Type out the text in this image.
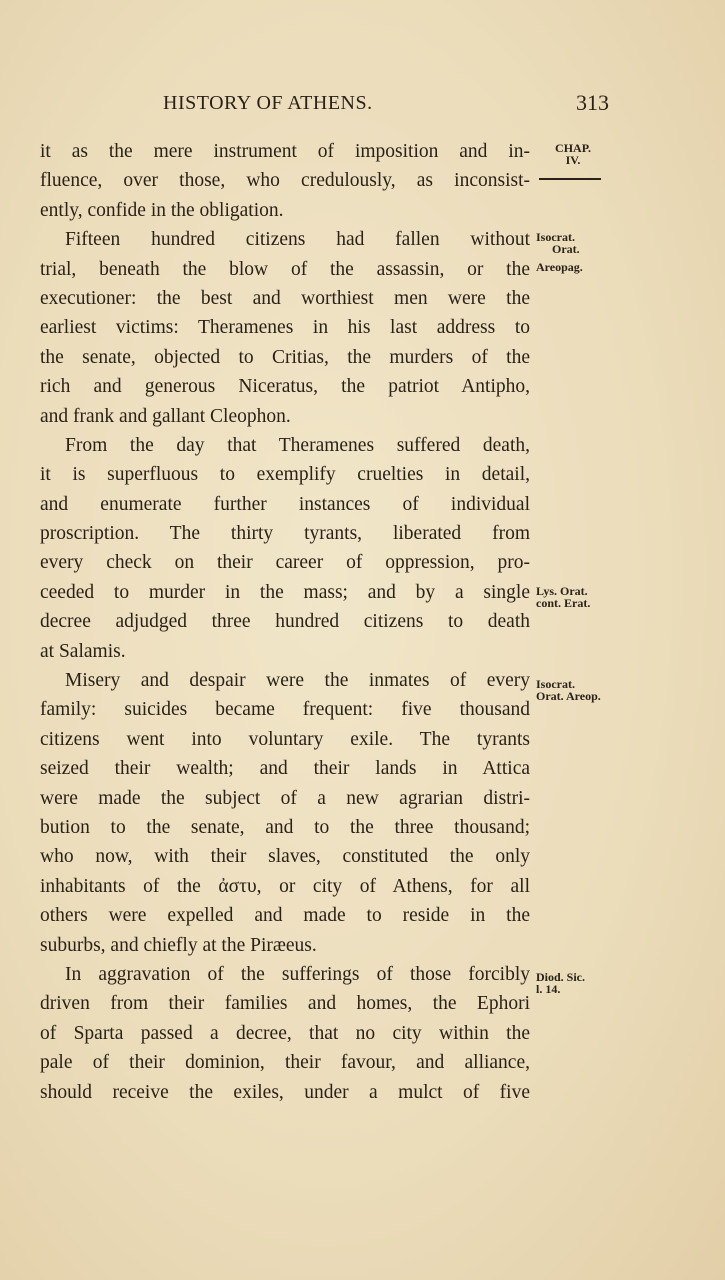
HISTORY OF ATHENS.	313
CHAP.
IV.
Isocrat.
Orat.
Areopag.
Lys. Orat.
cont. Erat.
Isocrat.
Orat. Areop.
Diod. Sic.
l. 14.
it as the mere instrument of imposition and in-
fluence, over those, who credulously, as inconsist-
ently, confide in the obligation.
Fifteen hundred citizens had fallen without
trial, beneath the blow of the assassin, or the
executioner: the best and worthiest men were the
earliest victims: Theramenes in his last address to
the senate, objected to Critias, the murders of the
rich and generous Niceratus, the patriot Antipho,
and frank and gallant Cleophon.
From the day that Theramenes suffered death,
it is superfluous to exemplify cruelties in detail,
and enumerate further instances of individual
proscription. The thirty tyrants, liberated from
every check on their career of oppression, pro-
ceeded to murder in the mass; and by a single
decree adjudged three hundred citizens to death
at Salamis.
Misery and despair were the inmates of every
family: suicides became frequent: five thousand
citizens went into voluntary exile. The tyrants
seized their wealth; and their lands in Attica
were made the subject of a new agrarian distri-
bution to the senate, and to the three thousand;
who now, with their slaves, constituted the only
inhabitants of the ἀστυ, or city of Athens, for all
others were expelled and made to reside in the
suburbs, and chiefly at the Piræeus.
In aggravation of the sufferings of those forcibly
driven from their families and homes, the Ephori
of Sparta passed a decree, that no city within the
pale of their dominion, their favour, and alliance,
should receive the exiles, under a mulct of five
